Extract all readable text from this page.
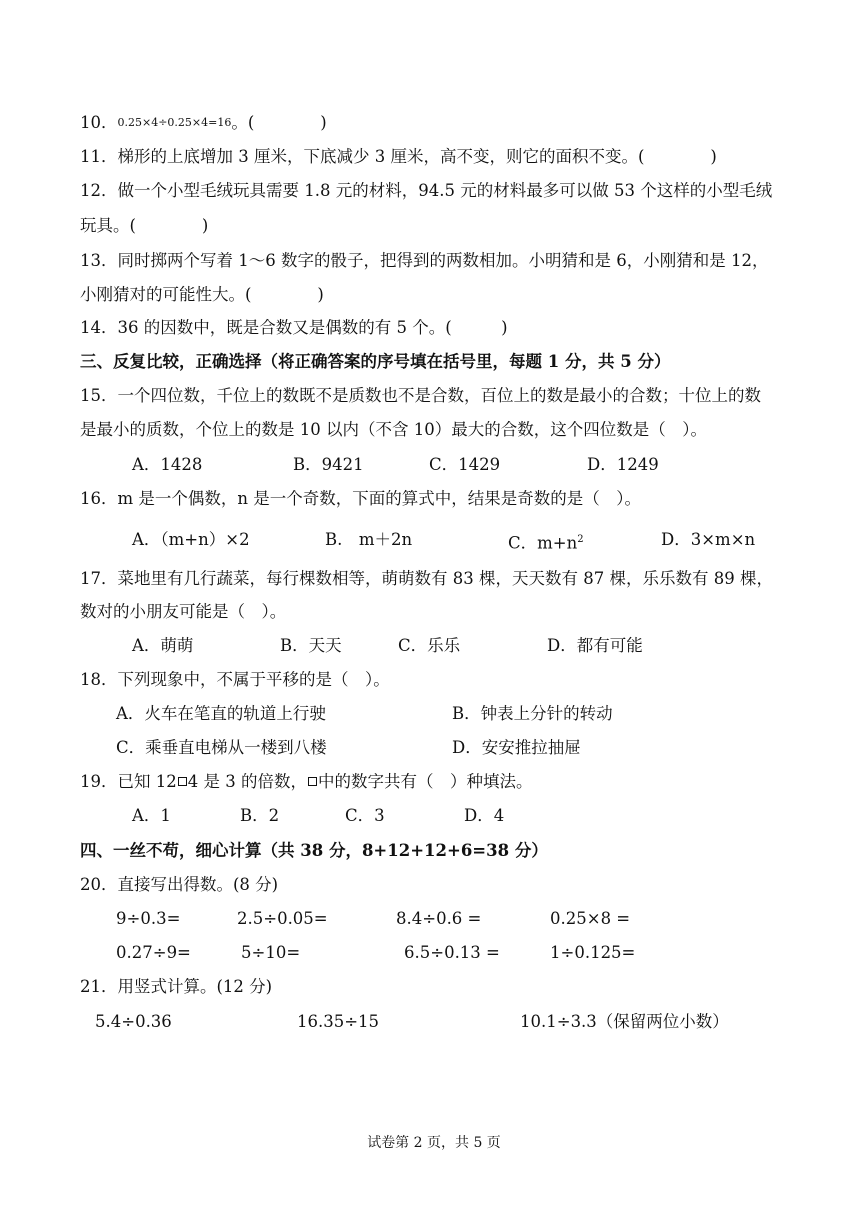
10．0.25×4÷0.25×4=16。(　　　　)
11．梯形的上底增加 3 厘米，下底减少 3 厘米，高不变，则它的面积不变。(　　　　)
12．做一个小型毛绒玩具需要 1.8 元的材料，94.5 元的材料最多可以做 53 个这样的小型毛绒
玩具。(　　　　)
13．同时掷两个写着 1～6 数字的骰子，把得到的两数相加。小明猜和是 6，小刚猜和是 12，
小刚猜对的可能性大。(　　　　)
14．36 的因数中，既是合数又是偶数的有 5 个。(　　　)
三、反复比较，正确选择（将正确答案的序号填在括号里，每题 1 分，共 5 分）
15．一个四位数，千位上的数既不是质数也不是合数，百位上的数是最小的合数；十位上的数
是最小的质数，个位上的数是 10 以内（不含 10）最大的合数，这个四位数是（　）。
A．1428	B．9421	C．1429	D．1249
16．m 是一个偶数，n 是一个奇数，下面的算式中，结果是奇数的是（　）。
A．（m+n）×2	B.　m＋2n	C．$m+n^2$	D．3×m×n
17．菜地里有几行蔬菜，每行棵数相等，萌萌数有 83 棵，天天数有 87 棵，乐乐数有 89 棵，
数对的小朋友可能是（　）。
A．萌萌	B．天天	C．乐乐	D．都有可能
18．下列现象中，不属于平移的是（　）。
A．火车在笔直的轨道上行驶	B．钟表上分针的转动
C．乘垂直电梯从一楼到八楼	D．安安推拉抽屉
19．已知 12 4 是 3 的倍数， 中的数字共有（　）种填法。
A．1	B．2	C．3	D．4
四、一丝不苟，细心计算（共 38 分，8+12+12+6=38 分）
20．直接写出得数。(8 分)
9÷0.3=	2.5÷0.05=	8.4÷0.6 =	0.25×8 =
0.27÷9=	5÷10=	6.5÷0.13 =	1÷0.125=
21．用竖式计算。(12 分)
5.4÷0.36	16.35÷15	10.1÷3.3（保留两位小数）
试卷第 2 页，共 5 页
